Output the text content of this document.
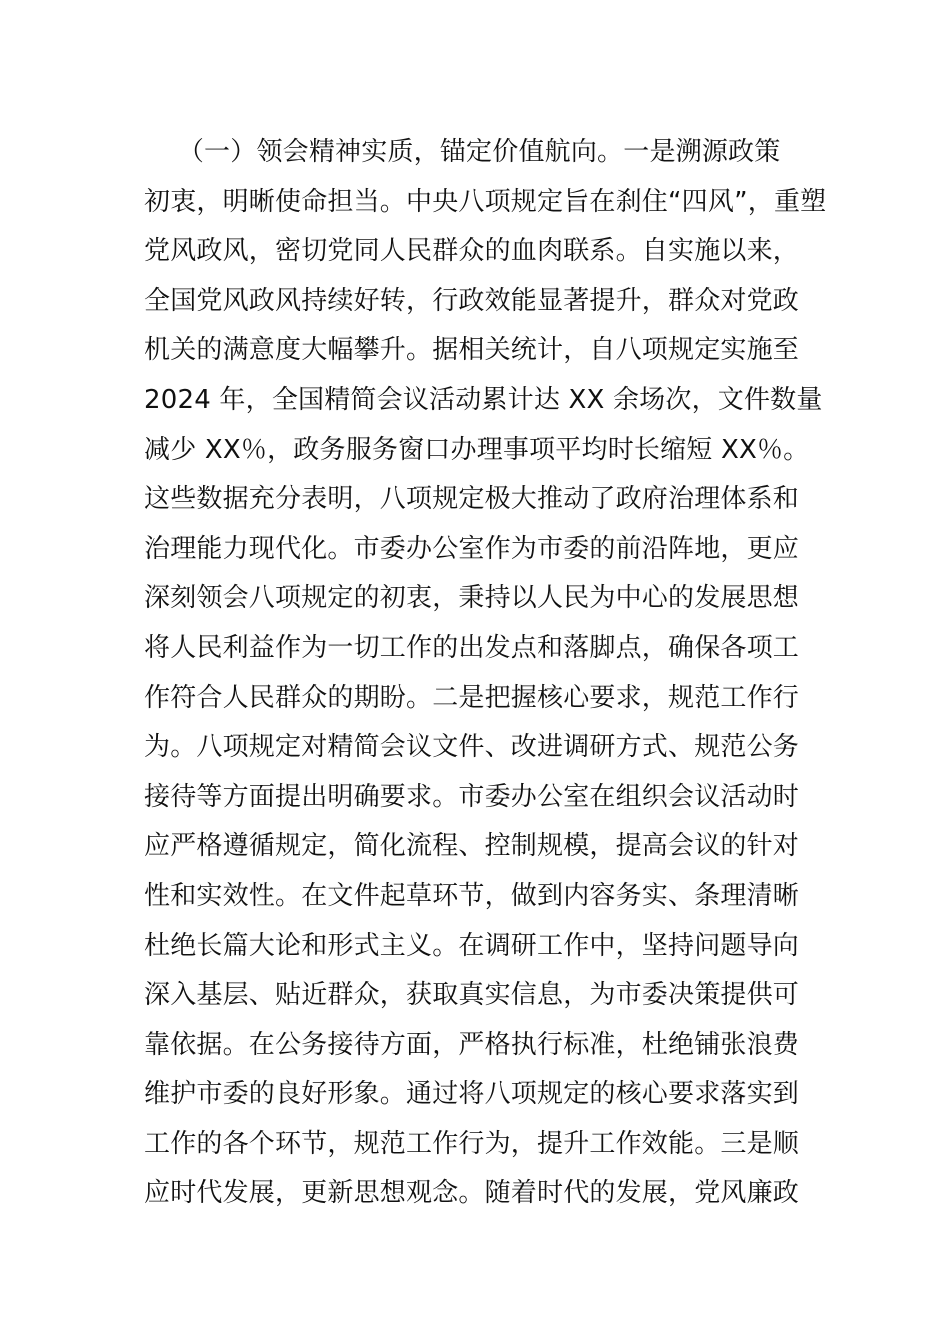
（一）领会精神实质，锚定价值航向。一是溯源政策
初衷，明晰使命担当。中央八项规定旨在刹住“四风”，重塑
党风政风，密切党同人民群众的血肉联系。自实施以来，
全国党风政风持续好转，行政效能显著提升，群众对党政
机关的满意度大幅攀升。据相关统计，自八项规定实施至
2024 年，全国精简会议活动累计达 XX 余场次，文件数量
减少 XX％，政务服务窗口办理事项平均时长缩短 XX％。
这些数据充分表明，八项规定极大推动了政府治理体系和
治理能力现代化。市委办公室作为市委的前沿阵地，更应
深刻领会八项规定的初衷，秉持以人民为中心的发展思想
将人民利益作为一切工作的出发点和落脚点，确保各项工
作符合人民群众的期盼。二是把握核心要求，规范工作行
为。八项规定对精简会议文件、改进调研方式、规范公务
接待等方面提出明确要求。市委办公室在组织会议活动时
应严格遵循规定，简化流程、控制规模，提高会议的针对
性和实效性。在文件起草环节，做到内容务实、条理清晰
杜绝长篇大论和形式主义。在调研工作中，坚持问题导向
深入基层、贴近群众，获取真实信息，为市委决策提供可
靠依据。在公务接待方面，严格执行标准，杜绝铺张浪费
维护市委的良好形象。通过将八项规定的核心要求落实到
工作的各个环节，规范工作行为，提升工作效能。三是顺
应时代发展，更新思想观念。随着时代的发展，党风廉政
